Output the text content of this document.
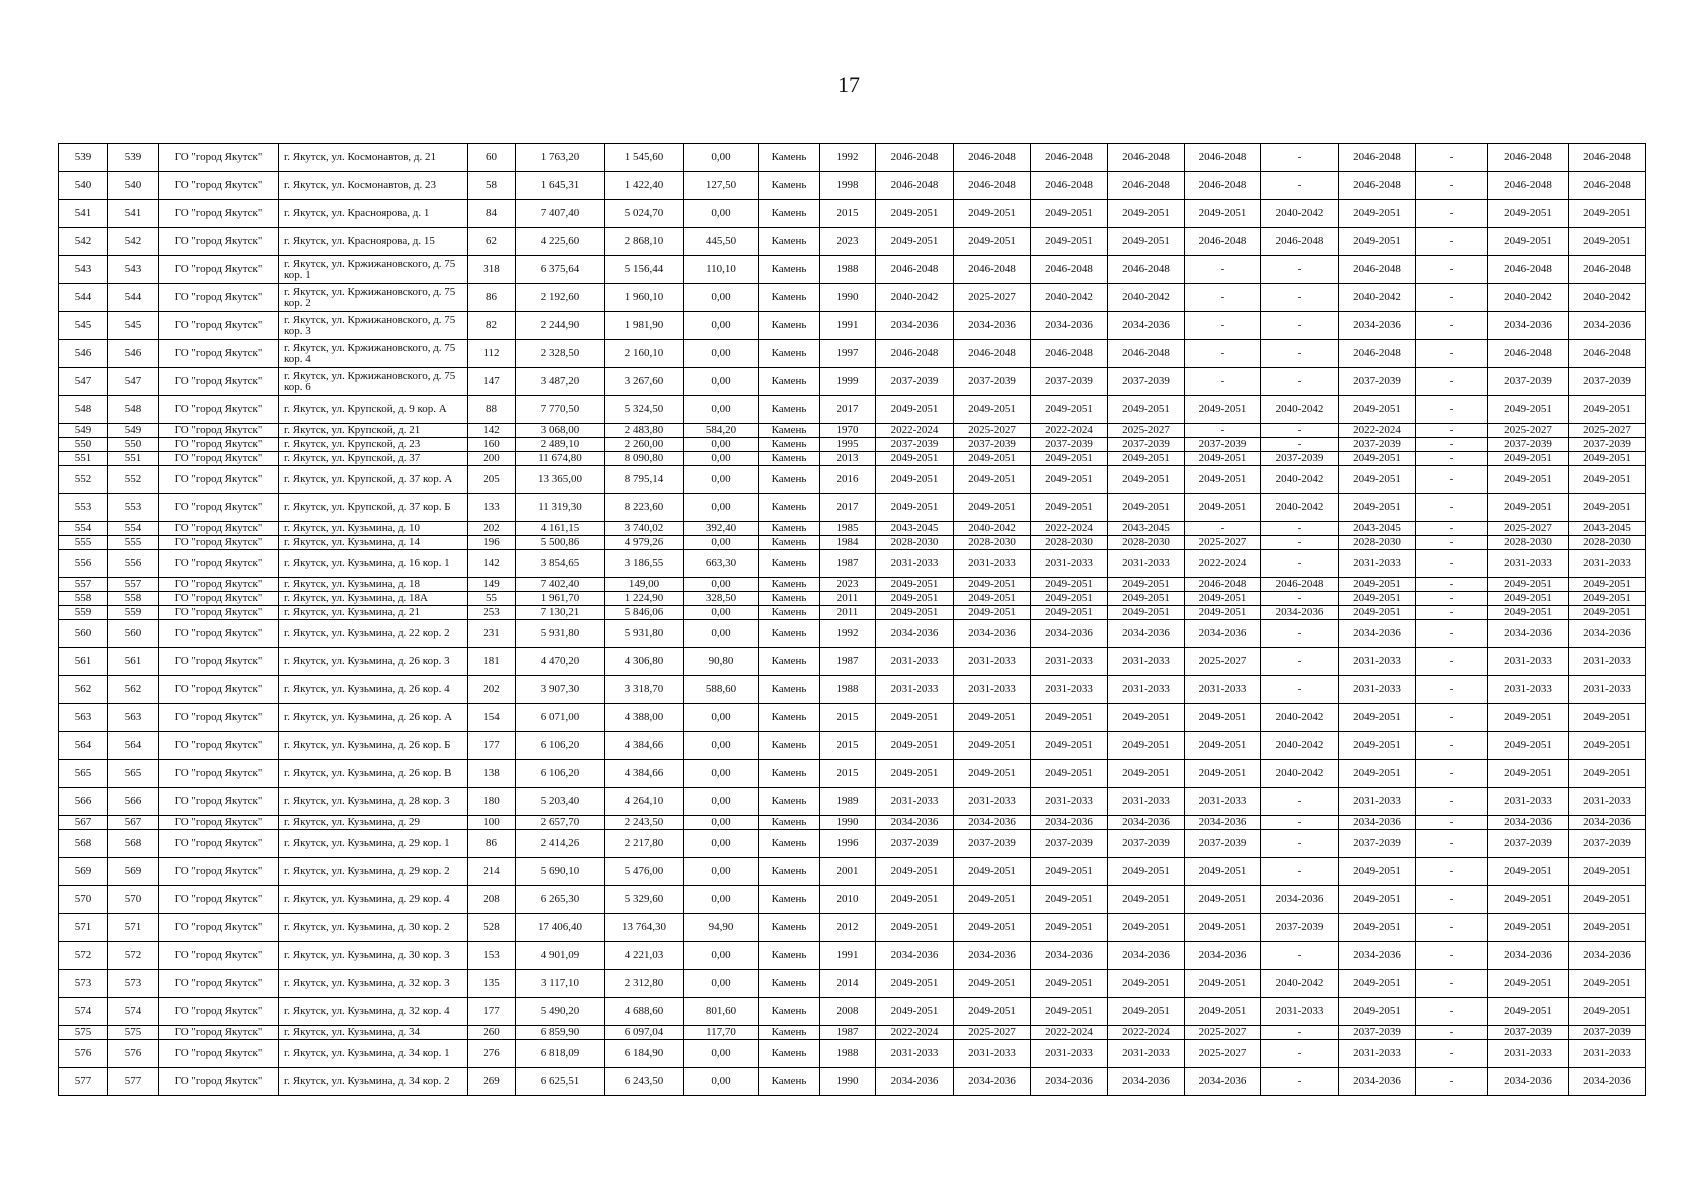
17
539	539	ГО "город Якутск"	г. Якутск, ул. Космонавтов, д. 21	60	1 763,20	1 545,60	0,00	Камень	1992	2046-2048	2046-2048	2046-2048	2046-2048	2046-2048	-	2046-2048	-	2046-2048	2046-2048
540	540	ГО "город Якутск"	г. Якутск, ул. Космонавтов, д. 23	58	1 645,31	1 422,40	127,50	Камень	1998	2046-2048	2046-2048	2046-2048	2046-2048	2046-2048	-	2046-2048	-	2046-2048	2046-2048
541	541	ГО "город Якутск"	г. Якутск, ул. Красноярова, д. 1	84	7 407,40	5 024,70	0,00	Камень	2015	2049-2051	2049-2051	2049-2051	2049-2051	2049-2051	2040-2042	2049-2051	-	2049-2051	2049-2051
542	542	ГО "город Якутск"	г. Якутск, ул. Красноярова, д. 15	62	4 225,60	2 868,10	445,50	Камень	2023	2049-2051	2049-2051	2049-2051	2049-2051	2046-2048	2046-2048	2049-2051	-	2049-2051	2049-2051
543	543	ГО "город Якутск"	г. Якутск, ул. Кржижановского, д. 75 кор. 1	318	6 375,64	5 156,44	110,10	Камень	1988	2046-2048	2046-2048	2046-2048	2046-2048	-	-	2046-2048	-	2046-2048	2046-2048
544	544	ГО "город Якутск"	г. Якутск, ул. Кржижановского, д. 75 кор. 2	86	2 192,60	1 960,10	0,00	Камень	1990	2040-2042	2025-2027	2040-2042	2040-2042	-	-	2040-2042	-	2040-2042	2040-2042
545	545	ГО "город Якутск"	г. Якутск, ул. Кржижановского, д. 75 кор. 3	82	2 244,90	1 981,90	0,00	Камень	1991	2034-2036	2034-2036	2034-2036	2034-2036	-	-	2034-2036	-	2034-2036	2034-2036
546	546	ГО "город Якутск"	г. Якутск, ул. Кржижановского, д. 75 кор. 4	112	2 328,50	2 160,10	0,00	Камень	1997	2046-2048	2046-2048	2046-2048	2046-2048	-	-	2046-2048	-	2046-2048	2046-2048
547	547	ГО "город Якутск"	г. Якутск, ул. Кржижановского, д. 75 кор. 6	147	3 487,20	3 267,60	0,00	Камень	1999	2037-2039	2037-2039	2037-2039	2037-2039	-	-	2037-2039	-	2037-2039	2037-2039
548	548	ГО "город Якутск"	г. Якутск, ул. Крупской, д. 9 кор. А	88	7 770,50	5 324,50	0,00	Камень	2017	2049-2051	2049-2051	2049-2051	2049-2051	2049-2051	2040-2042	2049-2051	-	2049-2051	2049-2051
549	549	ГО "город Якутск"	г. Якутск, ул. Крупской, д. 21	142	3 068,00	2 483,80	584,20	Камень	1970	2022-2024	2025-2027	2022-2024	2025-2027	-	-	2022-2024	-	2025-2027	2025-2027
550	550	ГО "город Якутск"	г. Якутск, ул. Крупской, д. 23	160	2 489,10	2 260,00	0,00	Камень	1995	2037-2039	2037-2039	2037-2039	2037-2039	2037-2039	-	2037-2039	-	2037-2039	2037-2039
551	551	ГО "город Якутск"	г. Якутск, ул. Крупской, д. 37	200	11 674,80	8 090,80	0,00	Камень	2013	2049-2051	2049-2051	2049-2051	2049-2051	2049-2051	2037-2039	2049-2051	-	2049-2051	2049-2051
552	552	ГО "город Якутск"	г. Якутск, ул. Крупской, д. 37 кор. А	205	13 365,00	8 795,14	0,00	Камень	2016	2049-2051	2049-2051	2049-2051	2049-2051	2049-2051	2040-2042	2049-2051	-	2049-2051	2049-2051
553	553	ГО "город Якутск"	г. Якутск, ул. Крупской, д. 37 кор. Б	133	11 319,30	8 223,60	0,00	Камень	2017	2049-2051	2049-2051	2049-2051	2049-2051	2049-2051	2040-2042	2049-2051	-	2049-2051	2049-2051
554	554	ГО "город Якутск"	г. Якутск, ул. Кузьмина, д. 10	202	4 161,15	3 740,02	392,40	Камень	1985	2043-2045	2040-2042	2022-2024	2043-2045	-	-	2043-2045	-	2025-2027	2043-2045
555	555	ГО "город Якутск"	г. Якутск, ул. Кузьмина, д. 14	196	5 500,86	4 979,26	0,00	Камень	1984	2028-2030	2028-2030	2028-2030	2028-2030	2025-2027	-	2028-2030	-	2028-2030	2028-2030
556	556	ГО "город Якутск"	г. Якутск, ул. Кузьмина, д. 16 кор. 1	142	3 854,65	3 186,55	663,30	Камень	1987	2031-2033	2031-2033	2031-2033	2031-2033	2022-2024	-	2031-2033	-	2031-2033	2031-2033
557	557	ГО "город Якутск"	г. Якутск, ул. Кузьмина, д. 18	149	7 402,40	149,00	0,00	Камень	2023	2049-2051	2049-2051	2049-2051	2049-2051	2046-2048	2046-2048	2049-2051	-	2049-2051	2049-2051
558	558	ГО "город Якутск"	г. Якутск, ул. Кузьмина, д. 18А	55	1 961,70	1 224,90	328,50	Камень	2011	2049-2051	2049-2051	2049-2051	2049-2051	2049-2051	-	2049-2051	-	2049-2051	2049-2051
559	559	ГО "город Якутск"	г. Якутск, ул. Кузьмина, д. 21	253	7 130,21	5 846,06	0,00	Камень	2011	2049-2051	2049-2051	2049-2051	2049-2051	2049-2051	2034-2036	2049-2051	-	2049-2051	2049-2051
560	560	ГО "город Якутск"	г. Якутск, ул. Кузьмина, д. 22 кор. 2	231	5 931,80	5 931,80	0,00	Камень	1992	2034-2036	2034-2036	2034-2036	2034-2036	2034-2036	-	2034-2036	-	2034-2036	2034-2036
561	561	ГО "город Якутск"	г. Якутск, ул. Кузьмина, д. 26 кор. 3	181	4 470,20	4 306,80	90,80	Камень	1987	2031-2033	2031-2033	2031-2033	2031-2033	2025-2027	-	2031-2033	-	2031-2033	2031-2033
562	562	ГО "город Якутск"	г. Якутск, ул. Кузьмина, д. 26 кор. 4	202	3 907,30	3 318,70	588,60	Камень	1988	2031-2033	2031-2033	2031-2033	2031-2033	2031-2033	-	2031-2033	-	2031-2033	2031-2033
563	563	ГО "город Якутск"	г. Якутск, ул. Кузьмина, д. 26 кор. А	154	6 071,00	4 388,00	0,00	Камень	2015	2049-2051	2049-2051	2049-2051	2049-2051	2049-2051	2040-2042	2049-2051	-	2049-2051	2049-2051
564	564	ГО "город Якутск"	г. Якутск, ул. Кузьмина, д. 26 кор. Б	177	6 106,20	4 384,66	0,00	Камень	2015	2049-2051	2049-2051	2049-2051	2049-2051	2049-2051	2040-2042	2049-2051	-	2049-2051	2049-2051
565	565	ГО "город Якутск"	г. Якутск, ул. Кузьмина, д. 26 кор. В	138	6 106,20	4 384,66	0,00	Камень	2015	2049-2051	2049-2051	2049-2051	2049-2051	2049-2051	2040-2042	2049-2051	-	2049-2051	2049-2051
566	566	ГО "город Якутск"	г. Якутск, ул. Кузьмина, д. 28 кор. 3	180	5 203,40	4 264,10	0,00	Камень	1989	2031-2033	2031-2033	2031-2033	2031-2033	2031-2033	-	2031-2033	-	2031-2033	2031-2033
567	567	ГО "город Якутск"	г. Якутск, ул. Кузьмина, д. 29	100	2 657,70	2 243,50	0,00	Камень	1990	2034-2036	2034-2036	2034-2036	2034-2036	2034-2036	-	2034-2036	-	2034-2036	2034-2036
568	568	ГО "город Якутск"	г. Якутск, ул. Кузьмина, д. 29 кор. 1	86	2 414,26	2 217,80	0,00	Камень	1996	2037-2039	2037-2039	2037-2039	2037-2039	2037-2039	-	2037-2039	-	2037-2039	2037-2039
569	569	ГО "город Якутск"	г. Якутск, ул. Кузьмина, д. 29 кор. 2	214	5 690,10	5 476,00	0,00	Камень	2001	2049-2051	2049-2051	2049-2051	2049-2051	2049-2051	-	2049-2051	-	2049-2051	2049-2051
570	570	ГО "город Якутск"	г. Якутск, ул. Кузьмина, д. 29 кор. 4	208	6 265,30	5 329,60	0,00	Камень	2010	2049-2051	2049-2051	2049-2051	2049-2051	2049-2051	2034-2036	2049-2051	-	2049-2051	2049-2051
571	571	ГО "город Якутск"	г. Якутск, ул. Кузьмина, д. 30 кор. 2	528	17 406,40	13 764,30	94,90	Камень	2012	2049-2051	2049-2051	2049-2051	2049-2051	2049-2051	2037-2039	2049-2051	-	2049-2051	2049-2051
572	572	ГО "город Якутск"	г. Якутск, ул. Кузьмина, д. 30 кор. 3	153	4 901,09	4 221,03	0,00	Камень	1991	2034-2036	2034-2036	2034-2036	2034-2036	2034-2036	-	2034-2036	-	2034-2036	2034-2036
573	573	ГО "город Якутск"	г. Якутск, ул. Кузьмина, д. 32 кор. 3	135	3 117,10	2 312,80	0,00	Камень	2014	2049-2051	2049-2051	2049-2051	2049-2051	2049-2051	2040-2042	2049-2051	-	2049-2051	2049-2051
574	574	ГО "город Якутск"	г. Якутск, ул. Кузьмина, д. 32 кор. 4	177	5 490,20	4 688,60	801,60	Камень	2008	2049-2051	2049-2051	2049-2051	2049-2051	2049-2051	2031-2033	2049-2051	-	2049-2051	2049-2051
575	575	ГО "город Якутск"	г. Якутск, ул. Кузьмина, д. 34	260	6 859,90	6 097,04	117,70	Камень	1987	2022-2024	2025-2027	2022-2024	2022-2024	2025-2027	-	2037-2039	-	2037-2039	2037-2039
576	576	ГО "город Якутск"	г. Якутск, ул. Кузьмина, д. 34 кор. 1	276	6 818,09	6 184,90	0,00	Камень	1988	2031-2033	2031-2033	2031-2033	2031-2033	2025-2027	-	2031-2033	-	2031-2033	2031-2033
577	577	ГО "город Якутск"	г. Якутск, ул. Кузьмина, д. 34 кор. 2	269	6 625,51	6 243,50	0,00	Камень	1990	2034-2036	2034-2036	2034-2036	2034-2036	2034-2036	-	2034-2036	-	2034-2036	2034-2036
